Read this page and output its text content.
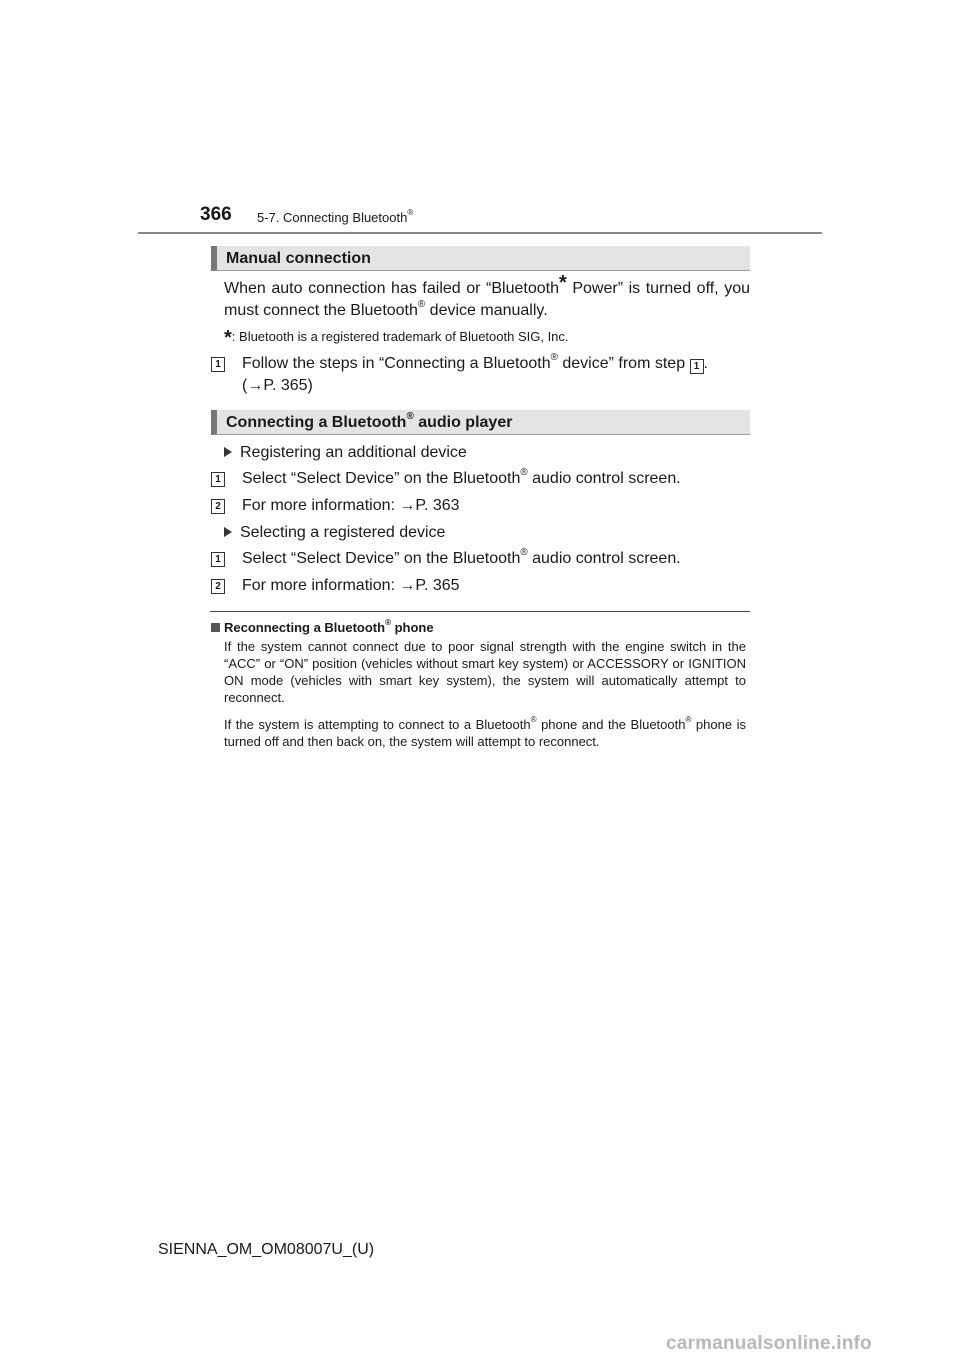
366 5-7. Connecting Bluetooth®
Manual connection

When auto connection has failed or “Bluetooth* Power” is turned off, you must connect the Bluetooth® device manually.

*: Bluetooth is a registered trademark of Bluetooth SIG, Inc.
1 Follow the steps in “Connecting a Bluetooth® device” from step 1 .
(→P. 365)
Connecting a Bluetooth® audio player
Registering an additional device
1 Select “Select Device” on the Bluetooth® audio control screen.
2 For more information: →P. 363
Selecting a registered device
1 Select “Select Device” on the Bluetooth® audio control screen.
2 For more information: →P. 365
Reconnecting a Bluetooth® phone

If the system cannot connect due to poor signal strength with the engine switch in the “ACC” or “ON” position (vehicles without smart key system) or ACCESSORY or IGNITION ON mode (vehicles with smart key system), the system will automatically attempt to reconnect.

If the system is attempting to connect to a Bluetooth® phone and the Bluetooth® phone is turned off and then back on, the system will attempt to reconnect.

SIENNA_OM_OM08007U_(U)
carmanualsonline.info
